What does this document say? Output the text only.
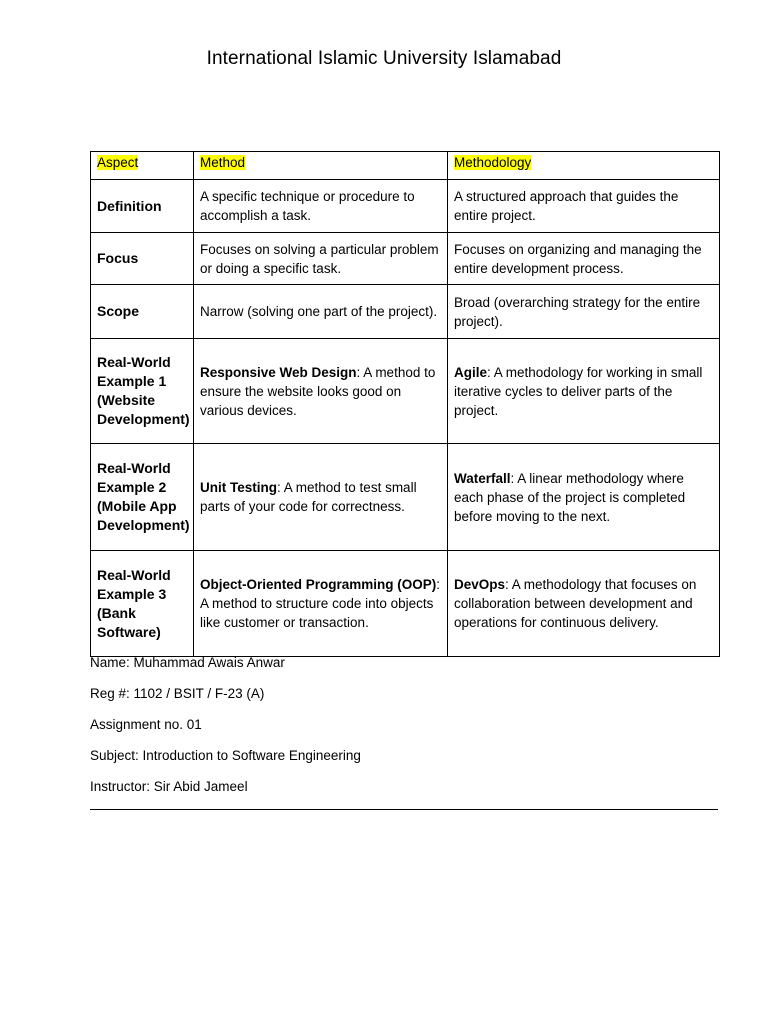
International Islamic University Islamabad
Aspect	Method	Methodology
Definition	A specific technique or procedure to accomplish a task.	A structured approach that guides the entire project.
Focus	Focuses on solving a particular problem or doing a specific task.	Focuses on organizing and managing the entire development process.
Scope	Narrow (solving one part of the project).	Broad (overarching strategy for the entire project).
Real-World Example 1 (Website Development)	Responsive Web Design: A method to ensure the website looks good on various devices.	Agile: A methodology for working in small iterative cycles to deliver parts of the project.
Real-World Example 2 (Mobile App Development)	Unit Testing: A method to test small parts of your code for correctness.	Waterfall: A linear methodology where each phase of the project is completed before moving to the next.
Real-World Example 3 (Bank Software)	Object-Oriented Programming (OOP): A method to structure code into objects like customer or transaction.	DevOps: A methodology that focuses on collaboration between development and operations for continuous delivery.
Name: Muhammad Awais Anwar
Reg #: 1102 / BSIT / F-23 (A)
Assignment no. 01
Subject: Introduction to Software Engineering
Instructor: Sir Abid Jameel
